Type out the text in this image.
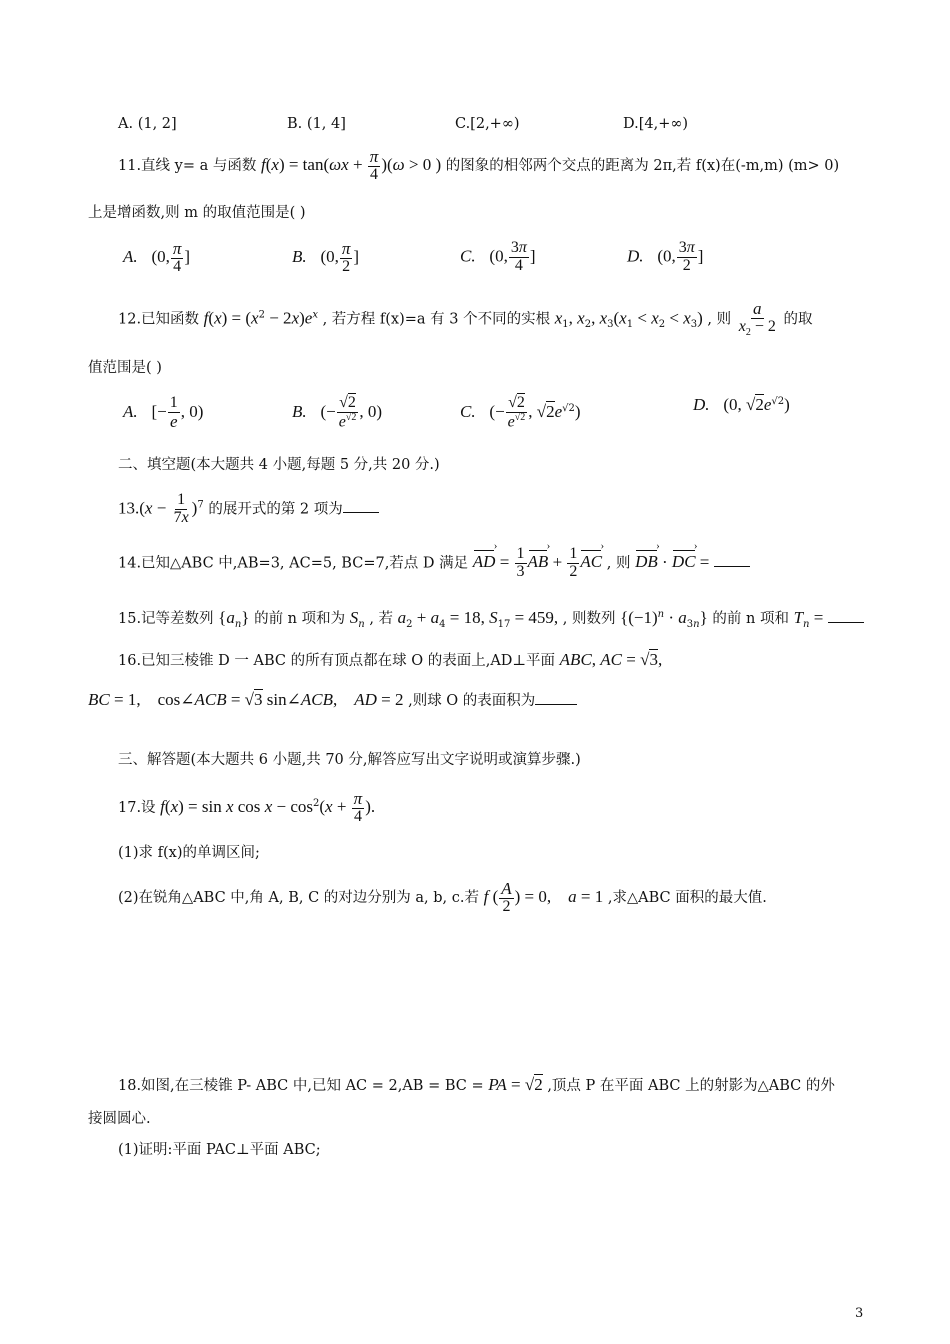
A. (1, 2]	B. (1, 4]	C.[2,+∞)	D.[4,+∞)
11.直线 y= a 与函数 $f(x) = \tan(\omega x + \frac{\pi}{4} )(\omega > 0$ ) 的图象的相邻两个交点的距离为 2π,若 f(x)在(-m,m) (m> 0)
上是增函数,则 m 的取值范围是( )
A. (0, $\frac{\pi}{4}$ ]	B. (0, $\frac{\pi}{2}$ ]	C. (0, $\frac{3\pi}{4}$ ]	D. (0, $\frac{3\pi}{2}$ ]
12.已知函数 $f(x) = (x^2 - 2x)e^x$ , 若方程 f(x)=a 有 3 个不同的实根 $x_1$, $x_2$, $x_3(x_1 < x_2 < x_3)$ , 则 $\frac{a}{x_2 - 2}$ 的取
值范围是( )
A. [− $\frac{1}{e}$ , 0)	B. (− $\frac{√2}{e^{√2}}$ , 0)	C. (− $\frac{√2}{e^{√2}}$ , $√2e^{√2}$)	D. (0, $√2e^{√2}$)
二、填空题(本大题共 4 小题,每题 5 分,共 20 分.)
$13.(x - \frac{1}{7x} )^7$ 的展开式的第 2 项为
14.已知△ABC 中,AB=3, AC=5, BC=7,若点 D 满足 AD › = $\frac{1}{3}$ AB › + $\frac{1}{2}$ AC › , 则 DB › · DC › =
15.记等差数列 $\{a_n\}$ 的前 n 项和为 $S_n$ , 若 $a_2 + a_4 = 18$, $S_{17} = 459$, , 则数列 $\{(-1)^n \cdot a_{3n}\}$ 的前 n 项和 $T_n$ =
16.已知三棱锥 D 一 ABC 的所有顶点都在球 O 的表面上,AD⊥平面 ABC, AC = √3,
BC = 1,    cos∠ACB = √3 sin∠ACB,    AD = 2 ,则球 O 的表面积为
三、解答题(本大题共 6 小题,共 70 分,解答应写出文字说明或演算步骤.)
17.设 f(x) = sin x $\cos x - \cos^2(x + \frac{\pi}{4}$ ).
(1)求 f(x)的单调区间;
(2)在锐角△ABC 中,角 A, B, C 的对边分别为 a, b, c.若 f ( $\frac{A}{2}$ ) = 0,    a = 1 ,求△ABC 面积的最大值.
18.如图,在三棱锥 P- ABC 中,已知 AC = 2,AB = BC = PA = √2 ,顶点 P 在平面 ABC 上的射影为△ABC 的外
接圆圆心.
(1)证明:平面 PAC⊥平面 ABC;
3
